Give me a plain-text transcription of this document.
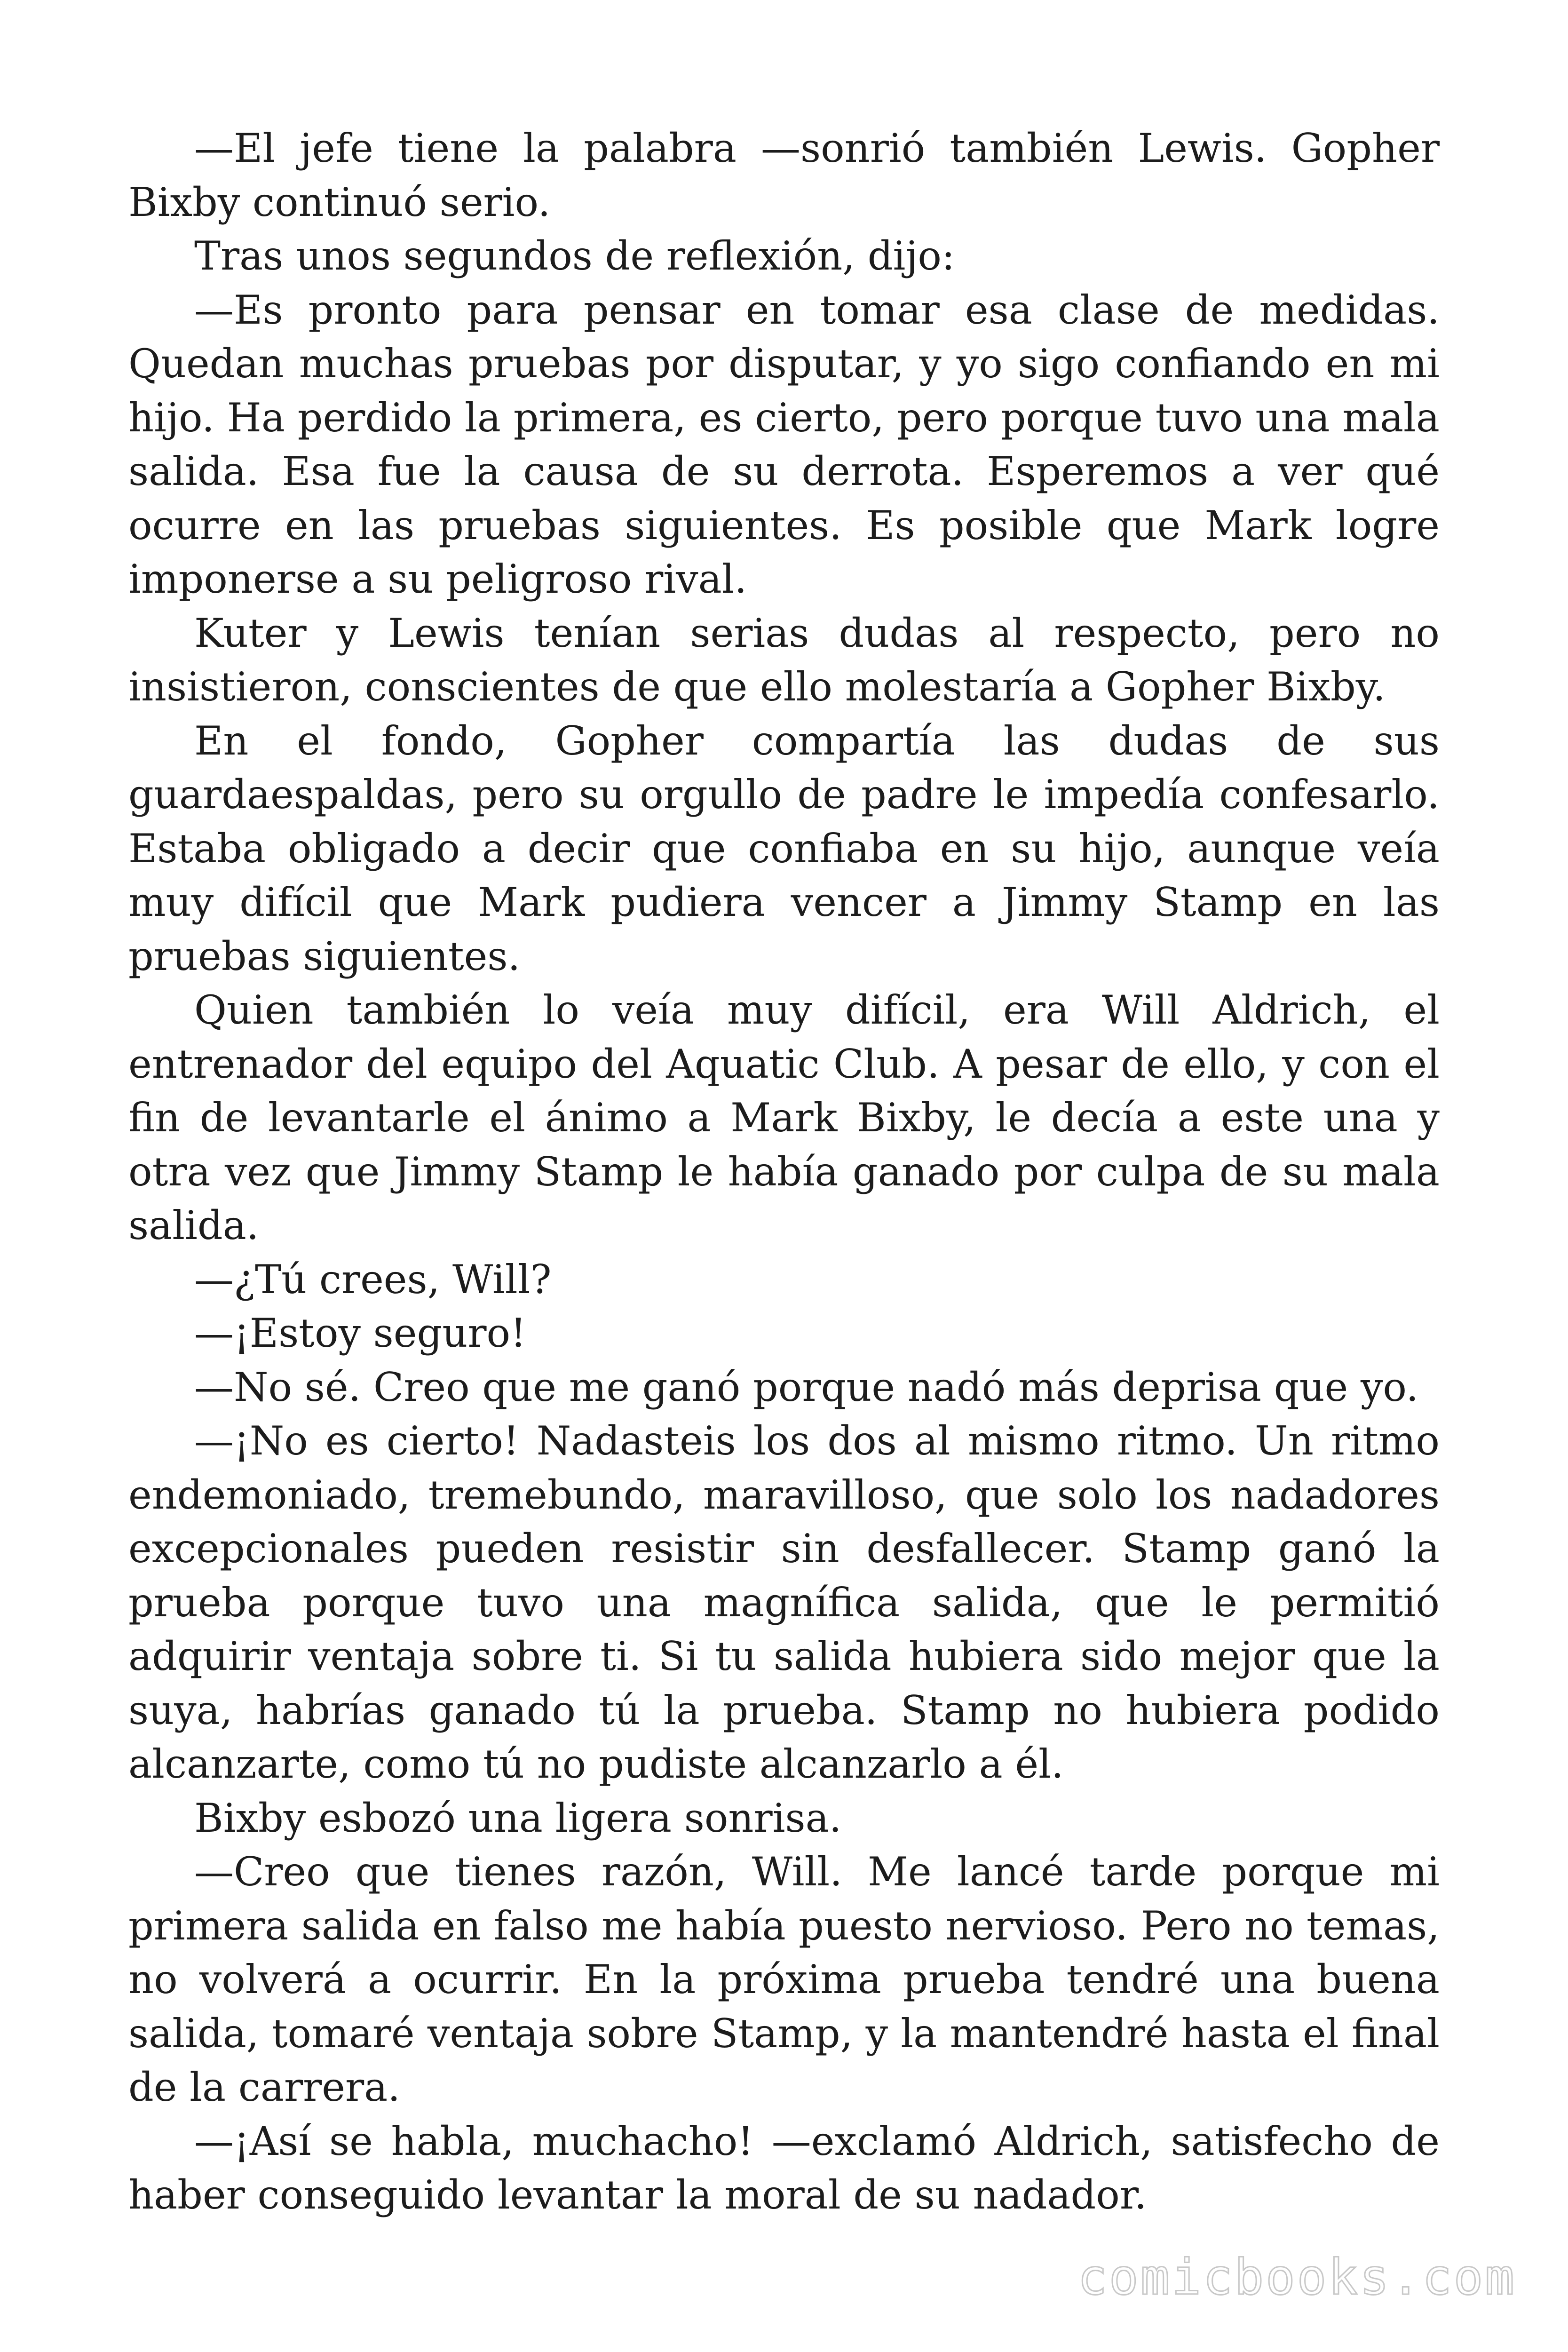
—El jefe tiene la palabra —sonrió también Lewis. Gopher Bixby continuó serio.

Tras unos segundos de reflexión, dijo:

—Es pronto para pensar en tomar esa clase de medidas. Quedan muchas pruebas por disputar, y yo sigo confiando en mi hijo. Ha perdido la primera, es cierto, pero porque tuvo una mala salida. Esa fue la causa de su derrota. Esperemos a ver qué ocurre en las pruebas siguientes. Es posible que Mark logre imponerse a su peligroso rival.

Kuter y Lewis tenían serias dudas al respecto, pero no insistieron, conscientes de que ello molestaría a Gopher Bixby.

En el fondo, Gopher compartía las dudas de sus guardaespaldas, pero su orgullo de padre le impedía confesarlo. Estaba obligado a decir que confiaba en su hijo, aunque veía muy difícil que Mark pudiera vencer a Jimmy Stamp en las pruebas siguientes.

Quien también lo veía muy difícil, era Will Aldrich, el entrenador del equipo del Aquatic Club. A pesar de ello, y con el fin de levantarle el ánimo a Mark Bixby, le decía a este una y otra vez que Jimmy Stamp le había ganado por culpa de su mala salida.

—¿Tú crees, Will?

—¡Estoy seguro!

—No sé. Creo que me ganó porque nadó más deprisa que yo.

—¡No es cierto! Nadasteis los dos al mismo ritmo. Un ritmo endemoniado, tremebundo, maravilloso, que solo los nadadores excepcionales pueden resistir sin desfallecer. Stamp ganó la prueba porque tuvo una magnífica salida, que le permitió adquirir ventaja sobre ti. Si tu salida hubiera sido mejor que la suya, habrías ganado tú la prueba. Stamp no hubiera podido alcanzarte, como tú no pudiste alcanzarlo a él.

Bixby esbozó una ligera sonrisa.

—Creo que tienes razón, Will. Me lancé tarde porque mi primera salida en falso me había puesto nervioso. Pero no temas, no volverá a ocurrir. En la próxima prueba tendré una buena salida, tomaré ventaja sobre Stamp, y la mantendré hasta el final de la carrera.

—¡Así se habla, muchacho! —exclamó Aldrich, satisfecho de haber conseguido levantar la moral de su nadador.

comicbooks.com
